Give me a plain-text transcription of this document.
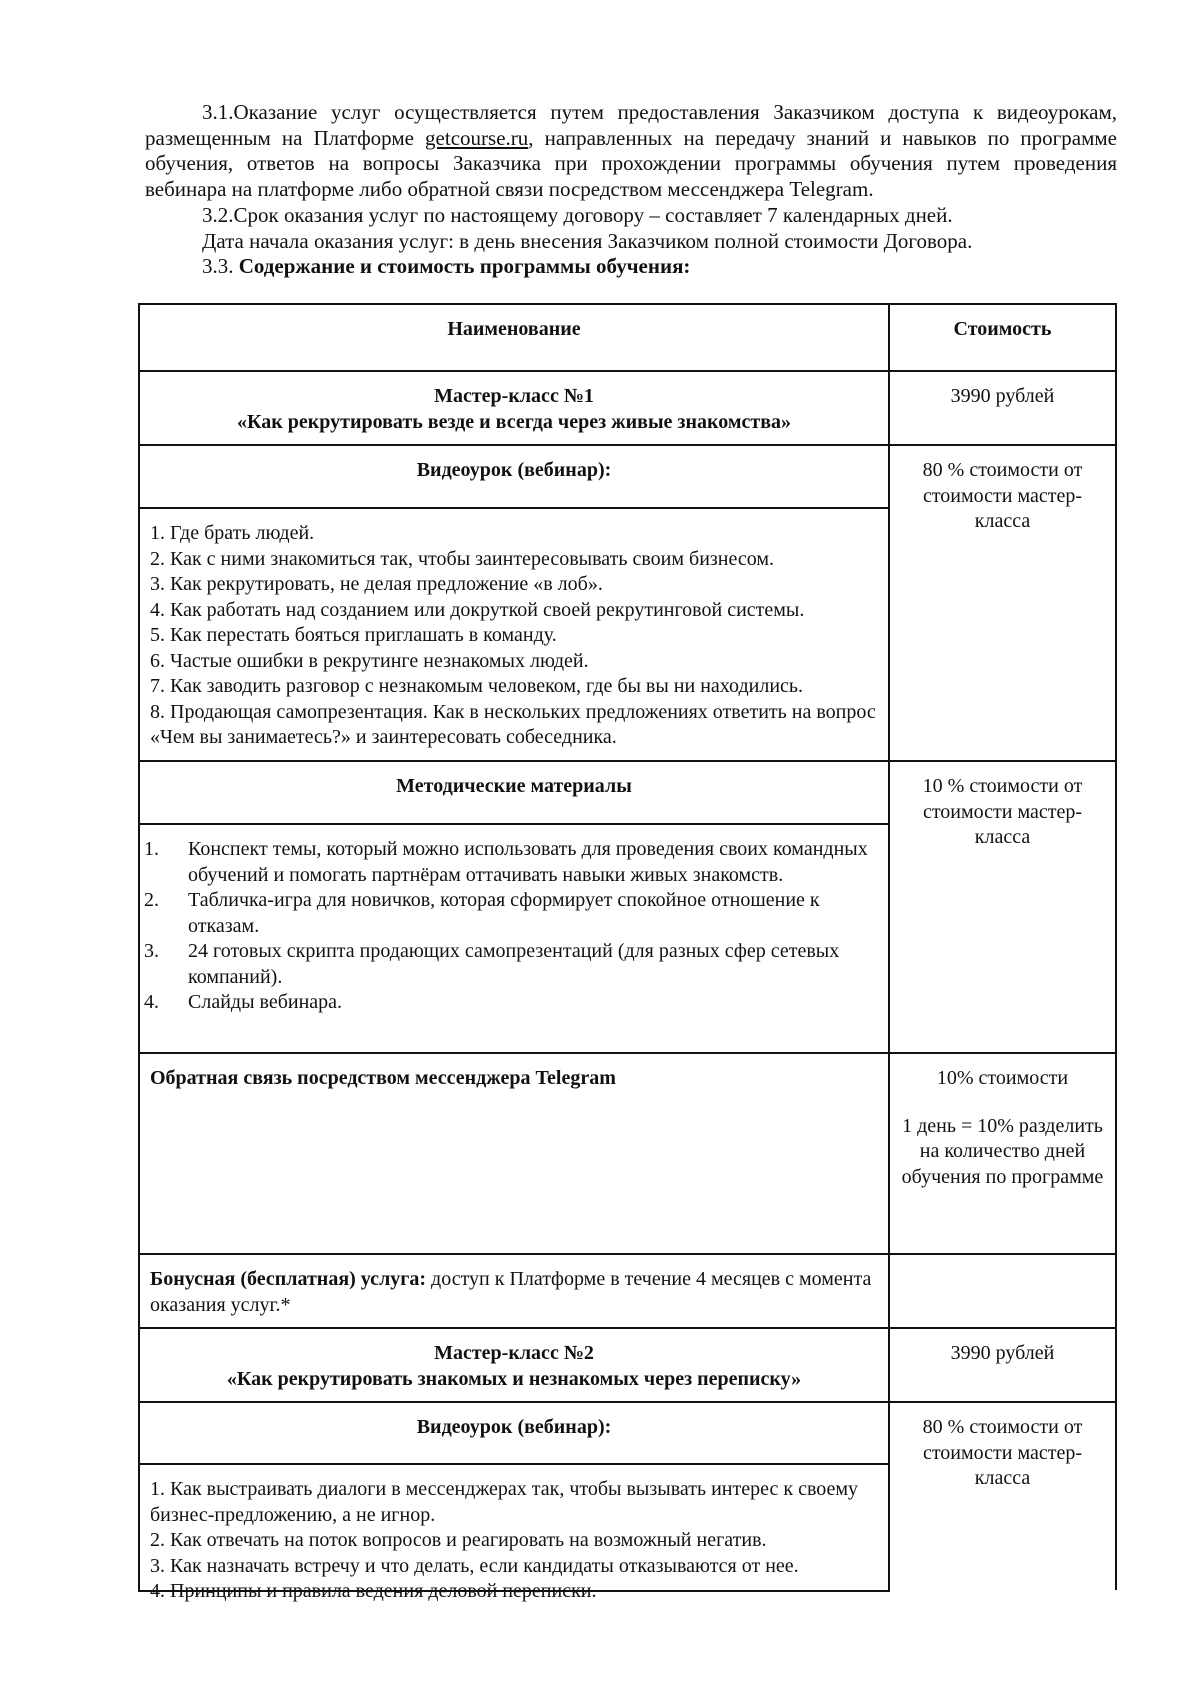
3.1.Оказание услуг осуществляется путем предоставления Заказчиком доступа к видеоурокам, размещенным на Платформе getcourse.ru, направленных на передачу знаний и навыков по программе обучения, ответов на вопросы Заказчика при прохождении программы обучения путем проведения вебинара на платформе либо обратной связи посредством мессенджера Telegram.

3.2.Срок оказания услуг по настоящему договору – составляет 7 календарных дней.

Дата начала оказания услуг: в день внесения Заказчиком полной стоимости Договора.

3.3. Содержание и стоимость программы обучения:

Наименование	Стоимость
Мастер-класс №1
«Как рекрутировать везде и всегда через живые знакомства»
3990 рублей
Видеоурок (вебинар):
1. Где брать людей.
2. Как с ними знакомиться так, чтобы заинтересовывать своим бизнесом.
3. Как рекрутировать, не делая предложение «в лоб».
4. Как работать над созданием или докруткой своей рекрутинговой системы.
5. Как перестать бояться приглашать в команду.
6. Частые ошибки в рекрутинге незнакомых людей.
7. Как заводить разговор с незнакомым человеком, где бы вы ни находились.
8. Продающая самопрезентация. Как в нескольких предложениях ответить на вопрос «Чем вы занимаетесь?» и заинтересовать собеседника.
80 % стоимости от стоимости мастер-класса
Методические материалы
1. Конспект темы, который можно использовать для проведения своих командных обучений и помогать партнёрам оттачивать навыки живых знакомств.
2. Табличка-игра для новичков, которая сформирует спокойное отношение к отказам.
3. 24 готовых скрипта продающих самопрезентаций (для разных сфер сетевых компаний).
4. Слайды вебинара.
10 % стоимости от стоимости мастер-класса
Обратная связь посредством мессенджера Telegram	10% стоимости
1 день = 10% разделить на количество дней обучения по программе
Бонусная (бесплатная) услуга: доступ к Платформе в течение 4 месяцев с момента оказания услуг.*
Мастер-класс №2
«Как рекрутировать знакомых и незнакомых через переписку»
3990 рублей
Видеоурок (вебинар):
1. Как выстраивать диалоги в мессенджерах так, чтобы вызывать интерес к своему бизнес-предложению, а не игнор.
2. Как отвечать на поток вопросов и реагировать на возможный негатив.
3. Как назначать встречу и что делать, если кандидаты отказываются от нее.
4. Принципы и правила ведения деловой переписки.
80 % стоимости от стоимости мастер-класса
